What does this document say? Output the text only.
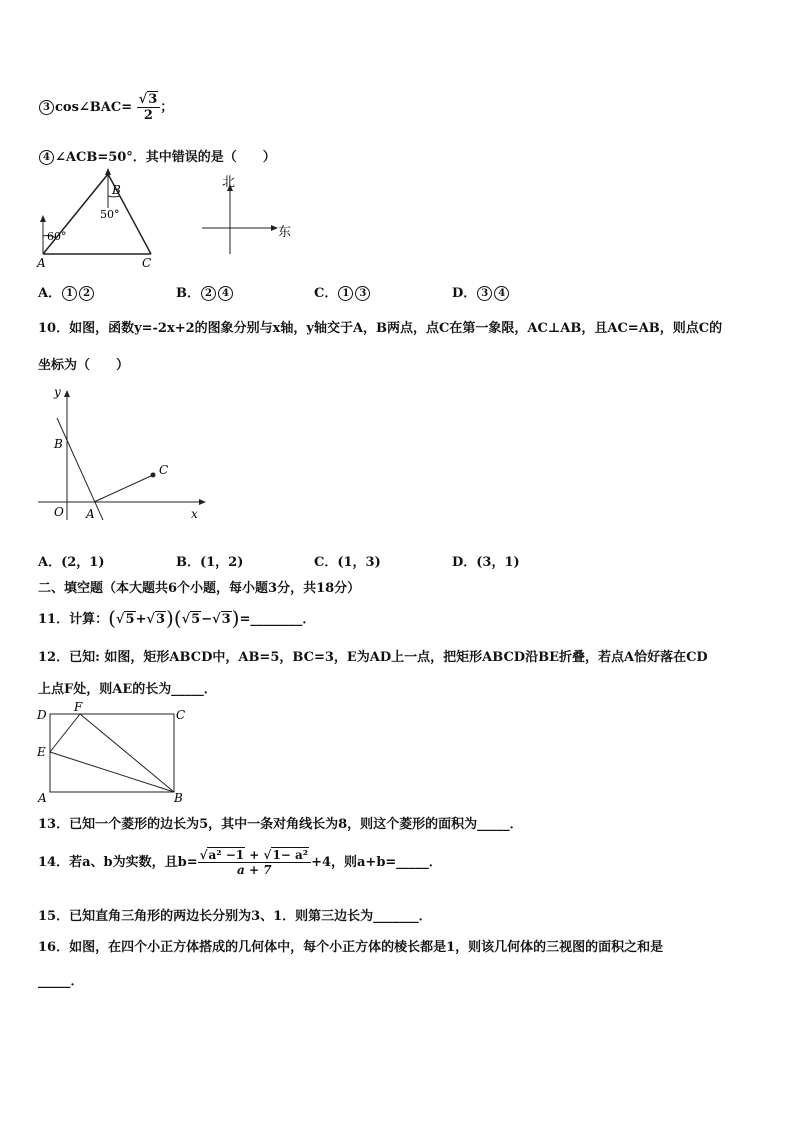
3 cos∠BAC= $\frac{√3}{2}$ ；
4 ∠ACB=50°．其中错误的是（　　）
B
50°
60°
A	C
北
东
A． 1 2	B． 2 4	C． 1 3	D． 3 4
10．如图，函数y=-2x+2的图象分别与x轴，y轴交于A，B两点，点C在第一象限，AC⊥AB，且AC=AB，则点C的
坐标为（　　）
y
B
C
O A	x
A．(2，1)	B．(1，2)	C．(1，3)	D．(3，1)
二、填空题（本大题共6个小题，每小题3分，共18分）
11．计算：(√5+√3)(√5−√3)=________．
12．已知: 如图，矩形ABCD中，AB=5，BC=3，E为AD上一点，把矩形ABCD沿BE折叠，若点A恰好落在CD
上点F处，则AE的长为_____．
D
F
C
E
A	B
13．已知一个菱形的边长为5，其中一条对角线长为8，则这个菱形的面积为_____．
14．若a、b为实数，且$b= \frac{\text{√a² −1 + √1− a²}}{a + 7} +4$，则a+b=_____．
15．已知直角三角形的两边长分别为3、1．则第三边长为_______．
16．如图，在四个小正方体搭成的几何体中，每个小正方体的棱长都是1，则该几何体的三视图的面积之和是
_____．
